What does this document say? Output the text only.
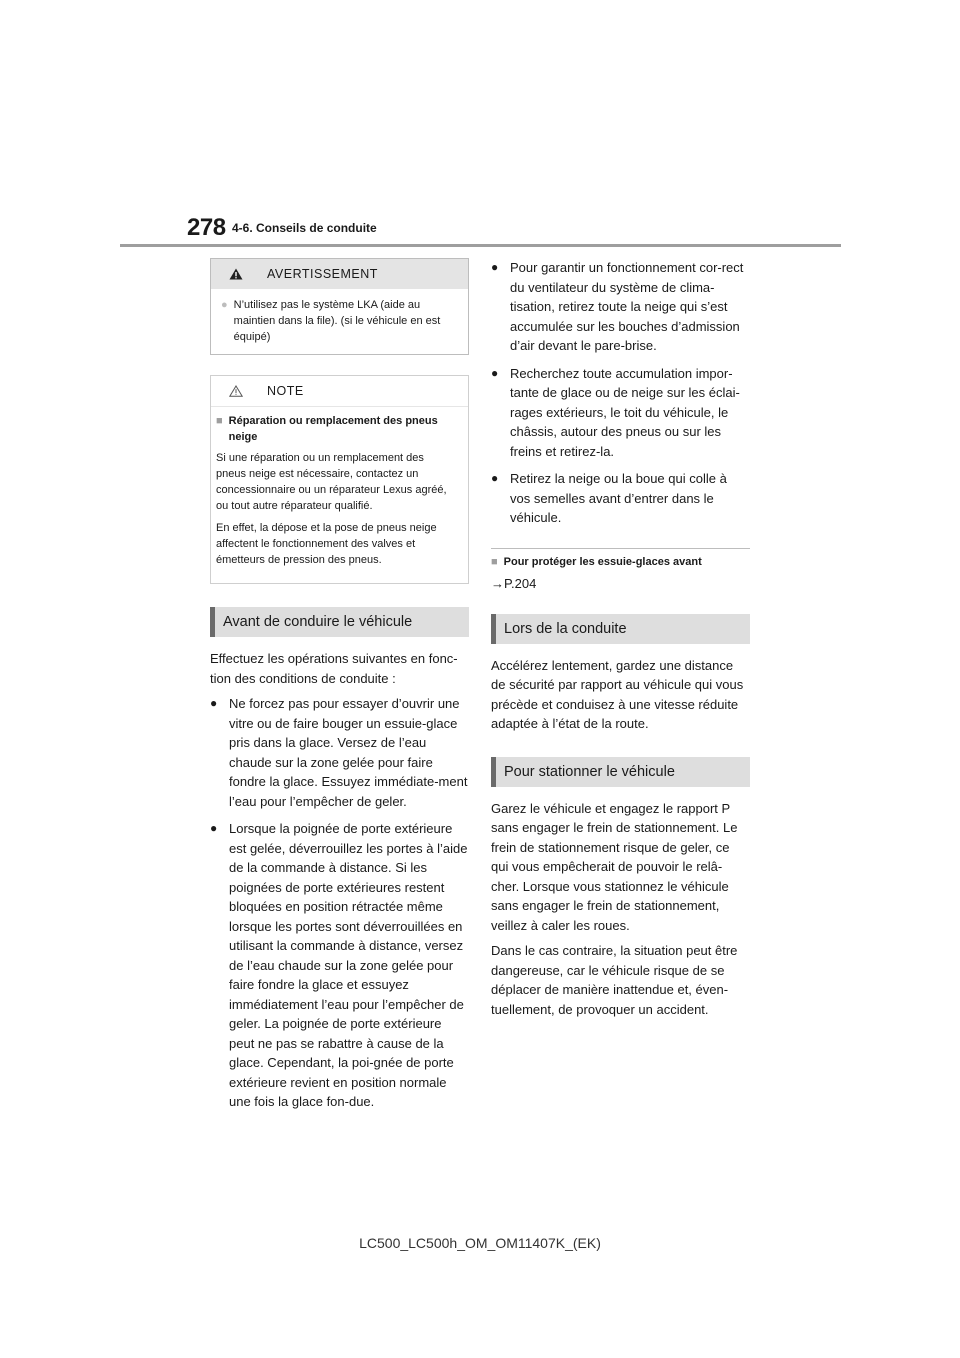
278 4-6. Conseils de conduite
AVERTISSEMENT
● N’utilisez pas le système LKA (aide au maintien dans la file). (si le véhicule en est équipé)
NOTE
■ Réparation ou remplacement des pneus neige

Si une réparation ou un remplacement des pneus neige est nécessaire, contactez un concessionnaire ou un réparateur Lexus agréé, ou tout autre réparateur qualifié.

En effet, la dépose et la pose de pneus neige affectent le fonctionnement des valves et émetteurs de pression des pneus.

Avant de conduire le véhicule

Effectuez les opérations suivantes en fonc-tion des conditions de conduite :

● Ne forcez pas pour essayer d’ouvrir une vitre ou de faire bouger un essuie-glace pris dans la glace. Versez de l’eau chaude sur la zone gelée pour faire fondre la glace. Essuyez immédiate-ment l’eau pour l’empêcher de geler.
● Lorsque la poignée de porte extérieure est gelée, déverrouillez les portes à l’aide de la commande à distance. Si les poignées de porte extérieures restent bloquées en position rétractée même lorsque les portes sont déverrouillées en utilisant la commande à distance, versez de l’eau chaude sur la zone gelée pour faire fondre la glace et essuyez immédiatement l’eau pour l’empêcher de geler. La poignée de porte extérieure peut ne pas se rabattre à cause de la glace. Cependant, la poi-gnée de porte extérieure revient en position normale une fois la glace fon-due.
● Pour garantir un fonctionnement cor-rect du ventilateur du système de clima-tisation, retirez toute la neige qui s’est accumulée sur les bouches d’admission d’air devant le pare-brise.
● Recherchez toute accumulation impor-tante de glace ou de neige sur les éclai-rages extérieurs, le toit du véhicule, le châssis, autour des pneus ou sur les freins et retirez-la.
● Retirez la neige ou la boue qui colle à vos semelles avant d’entrer dans le véhicule.
■ Pour protéger les essuie-glaces avant
→P.204
Lors de la conduite

Accélérez lentement, gardez une distance de sécurité par rapport au véhicule qui vous précède et conduisez à une vitesse réduite adaptée à l’état de la route.

Pour stationner le véhicule

Garez le véhicule et engagez le rapport P sans engager le frein de stationnement. Le frein de stationnement risque de geler, ce qui vous empêcherait de pouvoir le relâ-cher. Lorsque vous stationnez le véhicule sans engager le frein de stationnement, veillez à caler les roues.

Dans le cas contraire, la situation peut être dangereuse, car le véhicule risque de se déplacer de manière inattendue et, éven-tuellement, de provoquer un accident.

LC500_LC500h_OM_OM11407K_(EK)
